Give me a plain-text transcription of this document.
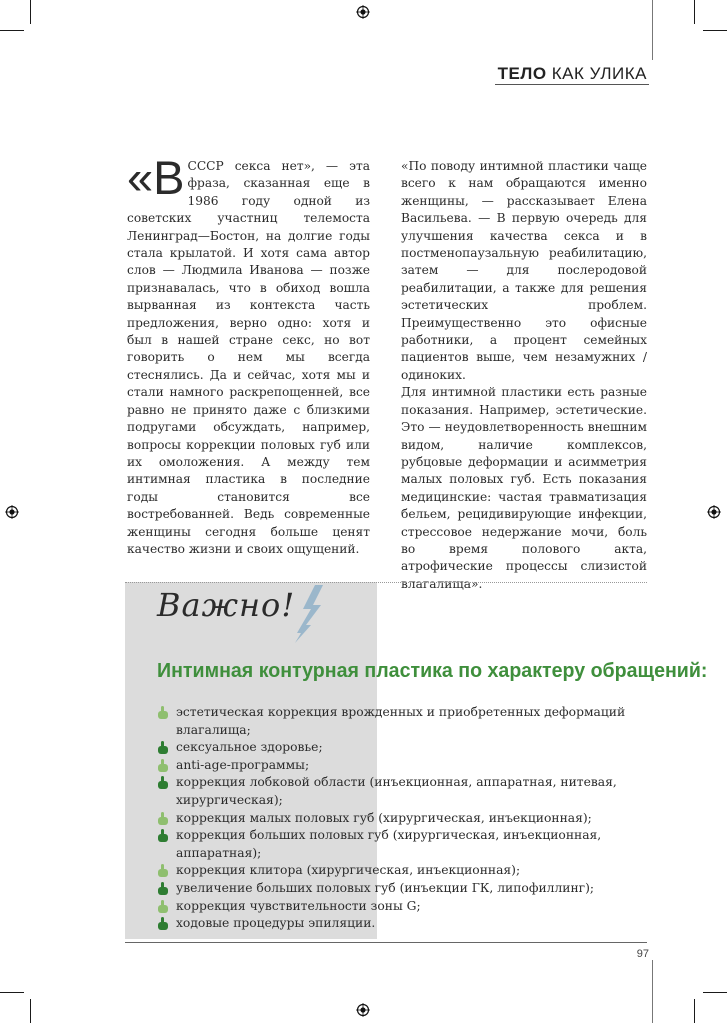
ТЕЛО КАК УЛИКА

«В СССР секса нет», — эта фраза, сказанная еще в 1986 году одной из советских участниц телемоста Ленинград—Бостон, на долгие годы стала крылатой. И хотя сама автор слов — Людмила Иванова — позже признавалась, что в обиход вошла вырванная из контекста часть предложения, верно одно: хотя и был в нашей стране секс, но вот говорить о нем мы всегда стеснялись. Да и сейчас, хотя мы и стали намного раскрепощенней, все равно не принято даже с близкими подругами обсуждать, например, вопросы коррекции половых губ или их омоложения. А между тем интимная пластика в последние годы становится все востребованней. Ведь современные женщины сегодня больше ценят качество жизни и своих ощущений.

«По поводу интимной пластики чаще всего к нам обращаются именно женщины, — рассказывает Елена Васильева. — В первую очередь для улучшения качества секса и в постменопаузальную реабилитацию, затем — для послеродовой реабилитации, а также для решения эстетических проблем. Преимущественно это офисные работники, а процент семейных пациентов выше, чем незамужних /одиноких.

Для интимной пластики есть разные показания. Например, эстетические. Это — неудовлетворенность внешним видом, наличие комплексов, рубцовые деформации и асимметрия малых половых губ. Есть показания медицинские: частая травматизация бельем, рецидивирующие инфекции, стрессовое недержание мочи, боль во время полового акта, атрофические процессы слизистой влагалища».

Важно!
Интимная контурная пластика по характеру обращений:
эстетическая коррекция врожденных и приобретенных деформаций влагалища;
сексуальное здоровье;
anti-age-программы;
коррекция лобковой области (инъекционная, аппаратная, нитевая, хирургическая);
коррекция малых половых губ (хирургическая, инъекционная);
коррекция больших половых губ (хирургическая, инъекционная, аппаратная);
коррекция клитора (хирургическая, инъекционная);
увеличение больших половых губ (инъекции ГК, липофиллинг);
коррекция чувствительности зоны G;
ходовые процедуры эпиляции.
97
